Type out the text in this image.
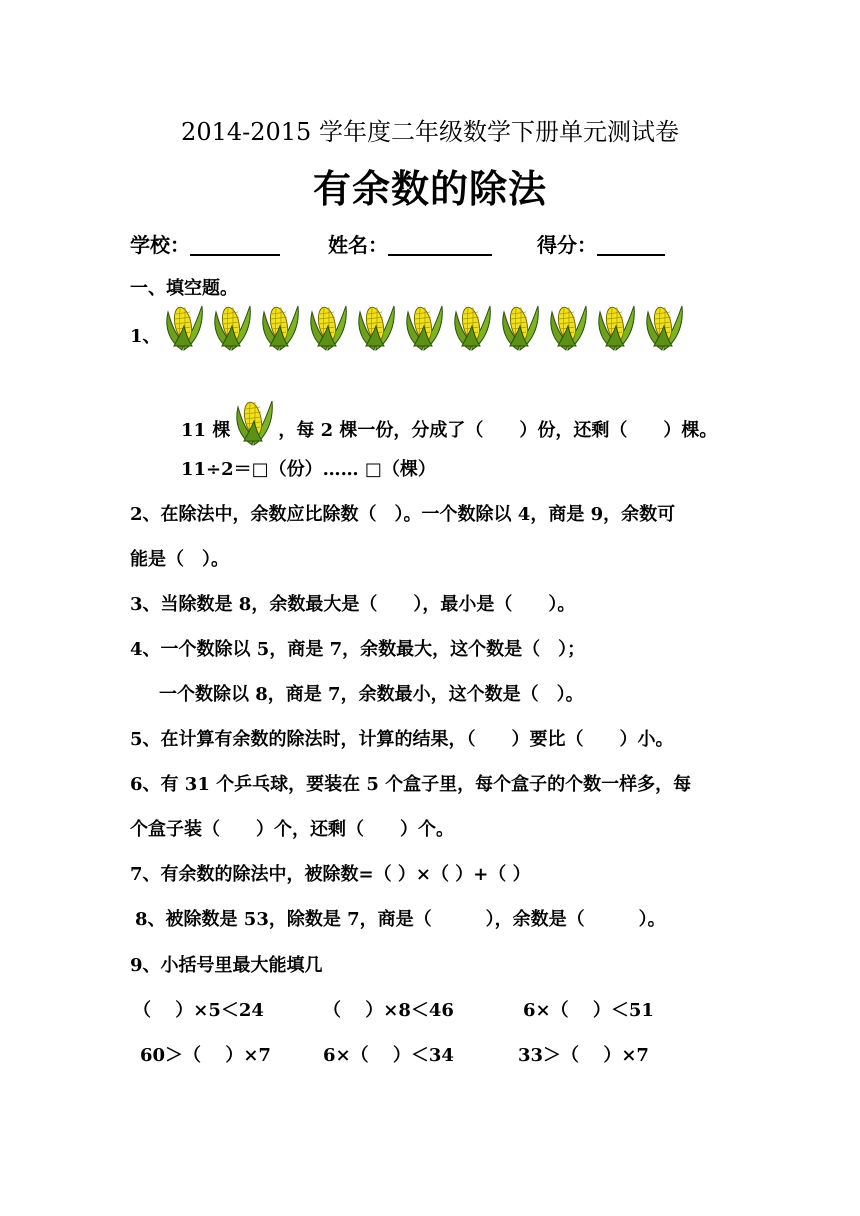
2014-2015 学年度二年级数学下册单元测试卷
有余数的除法
学校：	姓名：	得分：
一、填空题。
1、
11 棵	，每 2 棵一份，分成了（　　）份，还剩（　　）棵。
11÷2＝□（份）…… □（棵）
2、在除法中，余数应比除数（　）。一个数除以 4，商是 9，余数可
能是（　）。
3、当除数是 8，余数最大是（　　），最小是（　　）。
4、一个数除以 5，商是 7，余数最大，这个数是（　）；
一个数除以 8，商是 7，余数最小，这个数是（　）。
5、在计算有余数的除法时，计算的结果，（　　）要比（　　）小。
6、有 31 个乒乓球，要装在 5 个盒子里，每个盒子的个数一样多，每
个盒子装（　　）个，还剩（　　）个。
7、有余数的除法中，被除数=（ ）×（ ）+（ ）
8、被除数是 53，除数是 7，商是（　　　），余数是（　　　）。
9、小括号里最大能填几
（　 ）×5＜24	（　 ）×8＜46	6×（　 ）＜51
60＞（　 ）×7	6×（　 ）＜34	33＞（　 ）×7
